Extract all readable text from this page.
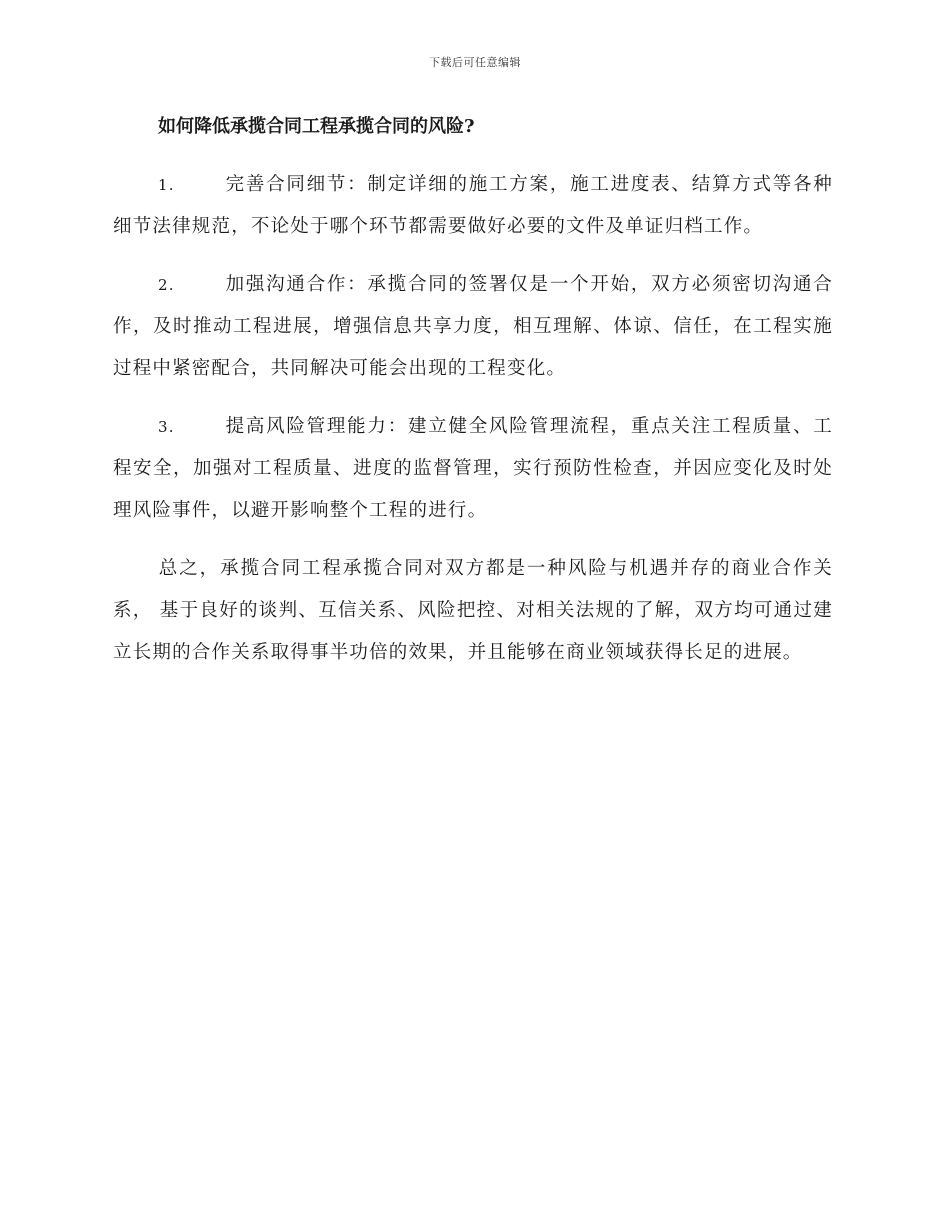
下载后可任意编辑
如何降低承揽合同工程承揽合同的风险?

1.	完善合同细节：制定详细的施工方案，施工进度表、结算方式等各种细节法律规范，不论处于哪个环节都需要做好必要的文件及单证归档工作。

2.	加强沟通合作：承揽合同的签署仅是一个开始，双方必须密切沟通合作，及时推动工程进展，增强信息共享力度，相互理解、体谅、信任，在工程实施过程中紧密配合，共同解决可能会出现的工程变化。

3.	提高风险管理能力：建立健全风险管理流程，重点关注工程质量、工程安全，加强对工程质量、进度的监督管理，实行预防性检查，并因应变化及时处理风险事件，以避开影响整个工程的进行。

总之，承揽合同工程承揽合同对双方都是一种风险与机遇并存的商业合作关系， 基于良好的谈判、互信关系、风险把控、对相关法规的了解，双方均可通过建立长期的合作关系取得事半功倍的效果，并且能够在商业领域获得长足的进展。
